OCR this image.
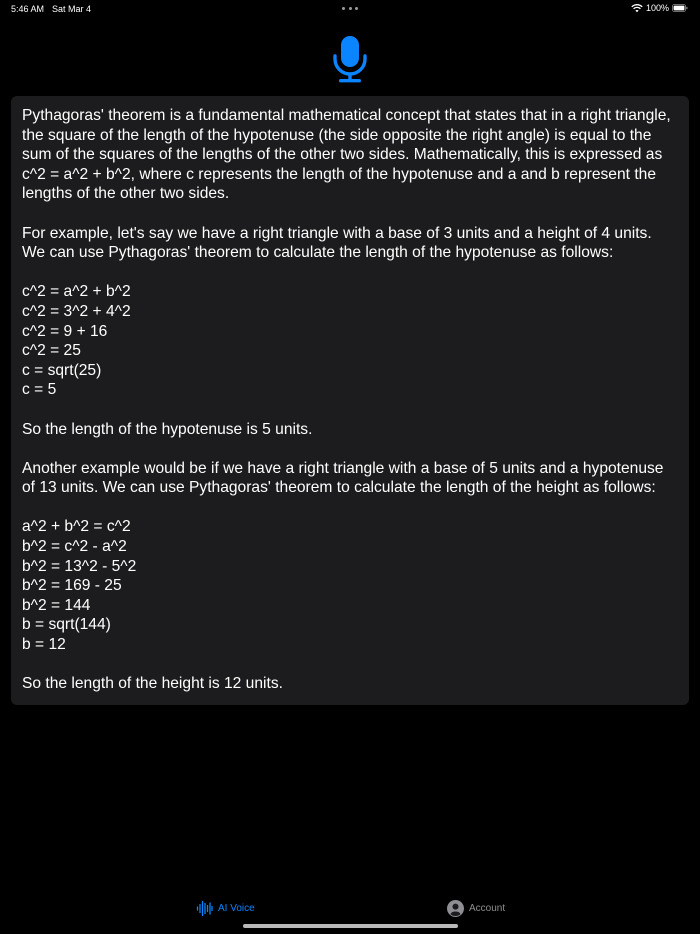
5:46 AM Sat Mar 4	100%
Pythagoras' theorem is a fundamental mathematical concept that states that in a right triangle, the square of the length of the hypotenuse (the side opposite the right angle) is equal to the sum of the squares of the lengths of the other two sides. Mathematically, this is expressed as c^2 = a^2 + b^2, where c represents the length of the hypotenuse and a and b represent the lengths of the other two sides.

For example, let's say we have a right triangle with a base of 3 units and a height of 4 units. We can use Pythagoras' theorem to calculate the length of the hypotenuse as follows:

c^2 = a^2 + b^2
c^2 = 3^2 + 4^2
c^2 = 9 + 16
c^2 = 25
c = sqrt(25)
c = 5

So the length of the hypotenuse is 5 units.

Another example would be if we have a right triangle with a base of 5 units and a hypotenuse of 13 units. We can use Pythagoras' theorem to calculate the length of the height as follows:

a^2 + b^2 = c^2
b^2 = c^2 - a^2
b^2 = 13^2 - 5^2
b^2 = 169 - 25
b^2 = 144
b = sqrt(144)
b = 12

So the length of the height is 12 units.
AI Voice	Account
